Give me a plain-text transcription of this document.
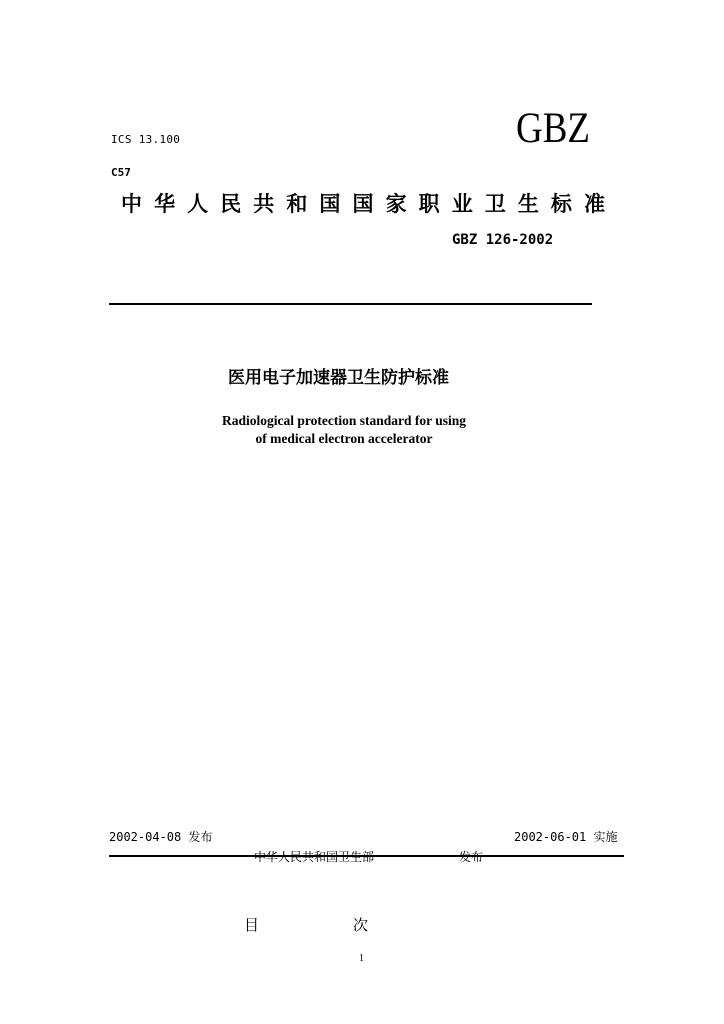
ICS 13.100	GBZ
C57
中 华 人 民 共 和 国 国 家 职 业 卫 生 标 准
GBZ 126-2002
医用电子加速器卫生防护标准
Radiological protection standard for using
of medical electron accelerator
2002-04-08 发布	2002-06-01 实施
中华人民共和国卫生部	发布
目	次
1
